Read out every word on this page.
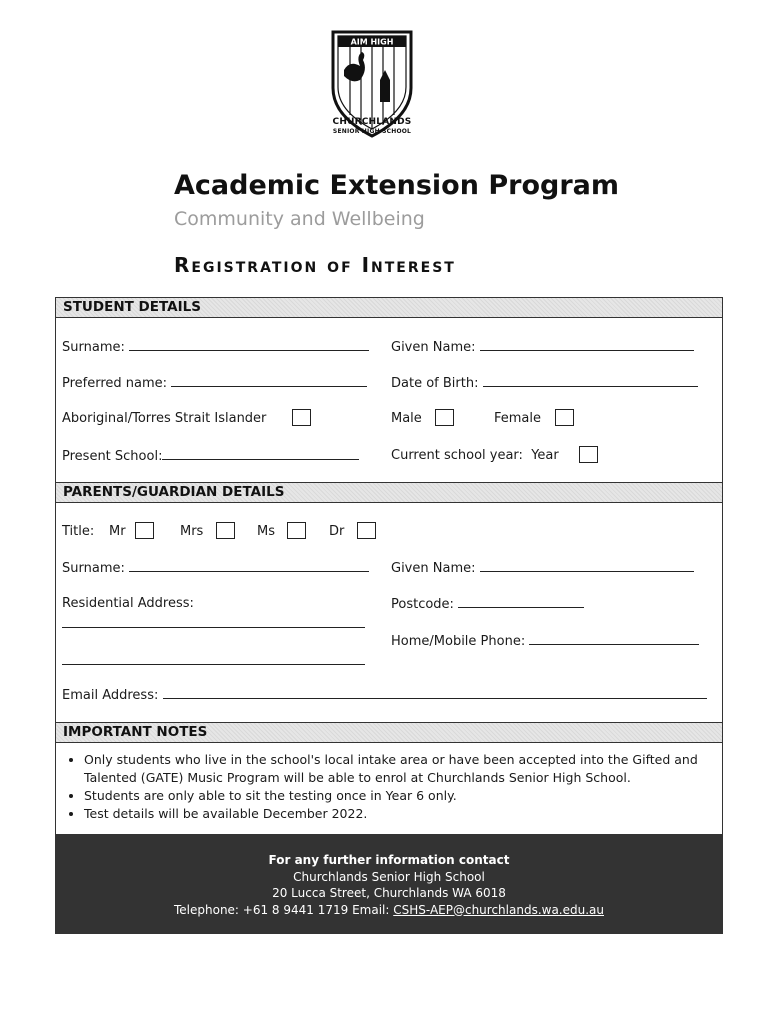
AIM HIGH
CHURCHLANDS
SENIOR HIGH SCHOOL
Academic Extension Program
Community and Wellbeing
Registration of Interest
STUDENT DETAILS
Surname:	Given Name:
Preferred name:	Date of Birth:
Aboriginal/Torres Strait Islander	Male	Female
Present School:	Current school year: Year
PARENTS/GUARDIAN DETAILS
Title: Mr	Mrs	Ms	Dr
Surname:	Given Name:
Residential Address:	Postcode:
Home/Mobile Phone:
Email Address:
IMPORTANT NOTES
• Only students who live in the school's local intake area or have been accepted into the Gifted and Talented (GATE) Music Program will be able to enrol at Churchlands Senior High School.
• Students are only able to sit the testing once in Year 6 only.
• Test details will be available December 2022.
For any further information contact
Churchlands Senior High School
20 Lucca Street, Churchlands WA 6018
Telephone: +61 8 9441 1719 Email: CSHS-AEP@churchlands.wa.edu.au
